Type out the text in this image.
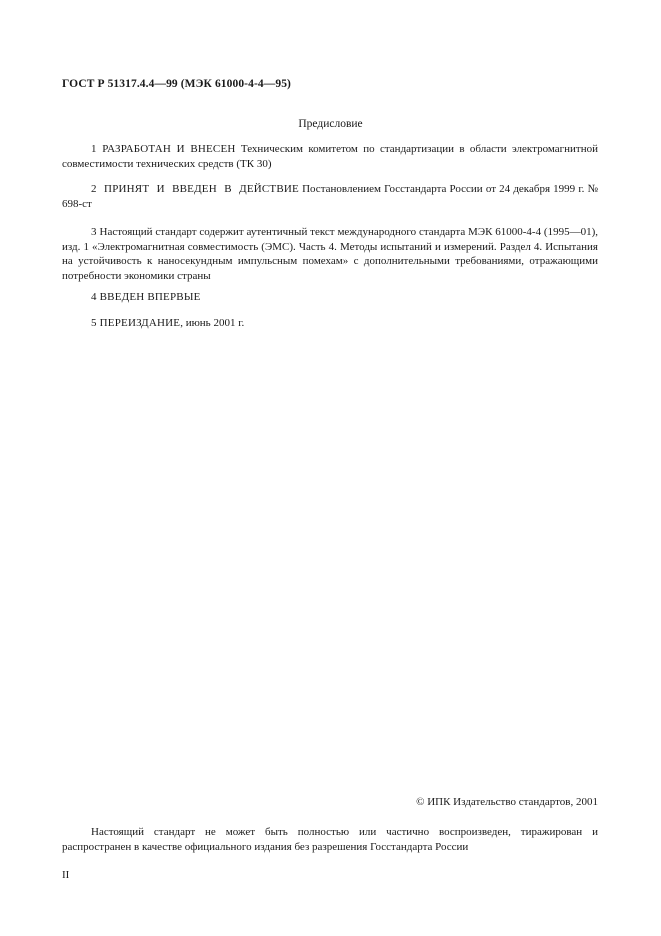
ГОСТ Р 51317.4.4—99 (МЭК 61000-4-4—95)
Предисловие
1 РАЗРАБОТАН И ВНЕСЕН Техническим комитетом по стандартизации в области электромагнитной совместимости технических средств (ТК 30)
2 ПРИНЯТ И ВВЕДЕН В ДЕЙСТВИЕ Постановлением Госстандарта России от 24 декабря 1999 г. № 698-ст
3 Настоящий стандарт содержит аутентичный текст международного стандарта МЭК 61000-4-4 (1995—01), изд. 1 «Электромагнитная совместимость (ЭМС). Часть 4. Методы испытаний и измерений. Раздел 4. Испытания на устойчивость к наносекундным импульсным помехам» с дополнительными требованиями, отражающими потребности экономики страны
4 ВВЕДЕН ВПЕРВЫЕ
5 ПЕРЕИЗДАНИЕ, июнь 2001 г.
© ИПК Издательство стандартов, 2001
Настоящий стандарт не может быть полностью или частично воспроизведен, тиражирован и распространен в качестве официального издания без разрешения Госстандарта России
II
